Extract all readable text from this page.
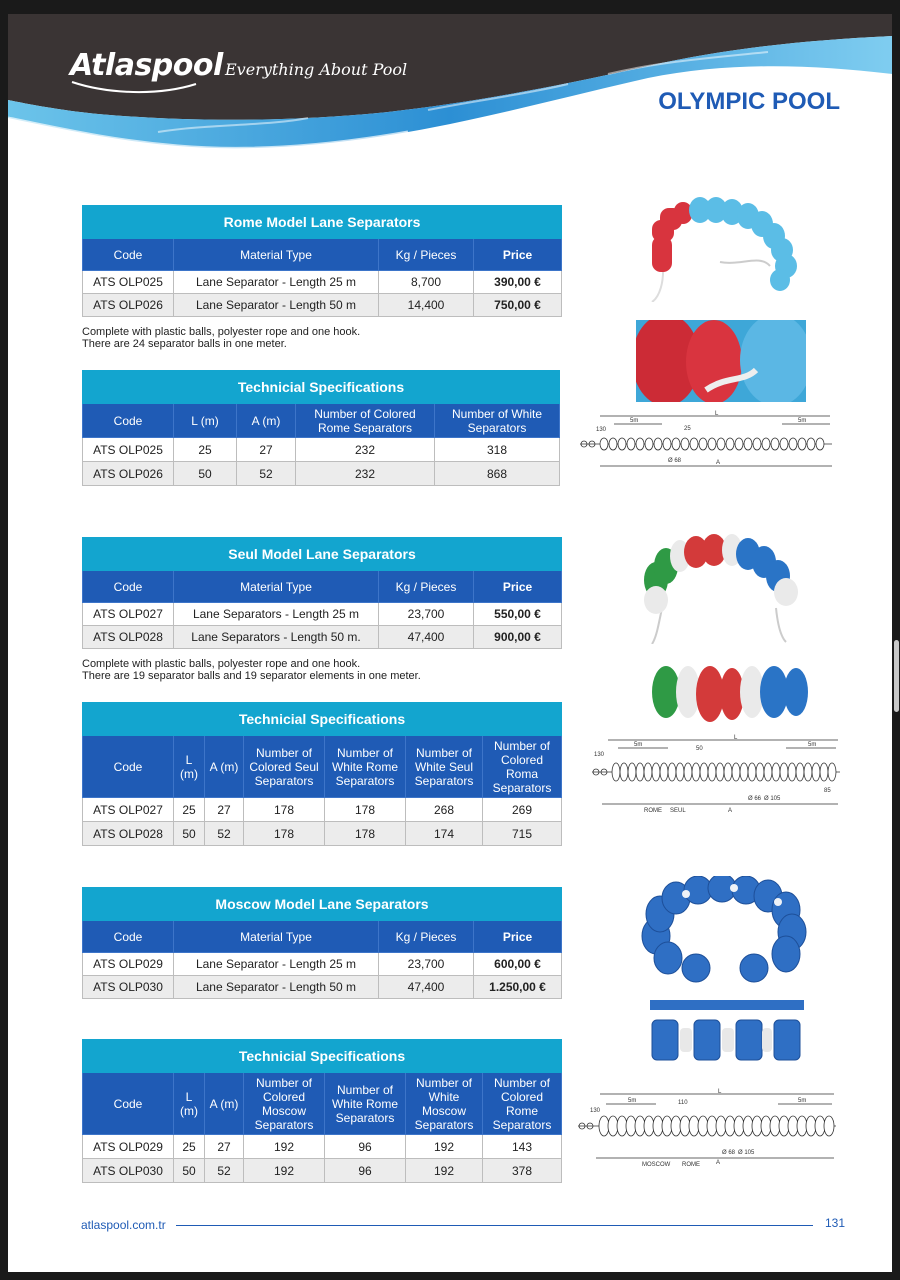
Atlaspool Everything About Pool
OLYMPIC POOL
Rome Model Lane Separators			
Code	Material Type	Kg / Pieces	Price
ATS OLP025	Lane Separator - Length 25 m	8,700	390,00 €
ATS OLP026	Lane Separator - Length 50 m	14,400	750,00 €
Complete with plastic balls, polyester rope and one hook.
There are 24 separator balls in one meter.
Technicial Specifications				
Code	L (m)	A (m)	Number of Colored Rome Separators	Number of White Separators
ATS OLP025	25	27	232	318
ATS OLP026	50	52	232	868
L
5m	5m
130	25
A
Ø 68
Seul Model Lane Separators			
Code	Material Type	Kg / Pieces	Price
ATS OLP027	Lane Separators - Length 25 m	23,700	550,00 €
ATS OLP028	Lane Separators - Length 50 m.	47,400	900,00 €
Complete with plastic balls, polyester rope and one hook.
There are 19 separator balls and 19 separator elements in one meter.
Technicial Specifications						
Code	L (m)	A (m)	Number of Colored Seul Separators	Number of White Rome Separators	Number of White Seul Separators	Number of Colored Roma Separators
ATS OLP027	25	27	178	178	268	269
ATS OLP028	50	52	178	178	174	715
L
5m	5m
130
50
ROME SEUL	A
Ø 66 Ø 105
85
Moscow Model Lane Separators			
Code	Material Type	Kg / Pieces	Price
ATS OLP029	Lane Separator - Length 25 m	23,700	600,00 €
ATS OLP030	Lane Separator - Length 50 m	47,400	1.250,00 €
Technicial Specifications						
Code	L (m)	A (m)	Number of Colored Moscow Separators	Number of White Rome Separators	Number of White Moscow Separators	Number of Colored Rome Separators
ATS OLP029	25	27	192	96	192	143
ATS OLP030	50	52	192	96	192	378
L
5m	5m
130
110
MOSCOW ROME	A
Ø 68 Ø 105
atlaspool.com.tr	131
